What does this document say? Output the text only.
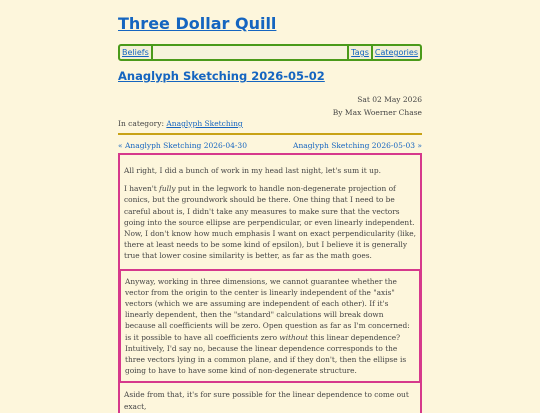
Three Dollar Quill
Beliefs	Tags Categories
Anaglyph Sketching 2026-05-02
Sat 02 May 2026
By Max Woerner Chase
In category: Anaglyph Sketching
« Anaglyph Sketching 2026-04-30	Anaglyph Sketching 2026-05-03 »

All right, I did a bunch of work in my head last night, let's sum it up.

I haven't fully put in the legwork to handle non-degenerate projection of conics, but the groundwork should be there. One thing that I need to be careful about is, I didn't take any measures to make sure that the vectors going into the source ellipse are perpendicular, or even linearly independent. Now, I don't know how much emphasis I want on exact perpendicularity (like, there at least needs to be some kind of epsilon), but I believe it is generally true that lower cosine similarity is better, as far as the math goes.

Anyway, working in three dimensions, we cannot guarantee whether the vector from the origin to the center is linearly independent of the "axis" vectors (which we are assuming are independent of each other). If it's linearly dependent, then the "standard" calculations will break down because all coefficients will be zero. Open question as far as I'm concerned: is it possible to have all coefficients zero without this linear dependence? Intuitively, I'd say no, because the linear dependence corresponds to the three vectors lying in a common plane, and if they don't, then the ellipse is going to have to have some kind of non-degenerate structure.

Aside from that, it's for sure possible for the linear dependence to come out exact,
